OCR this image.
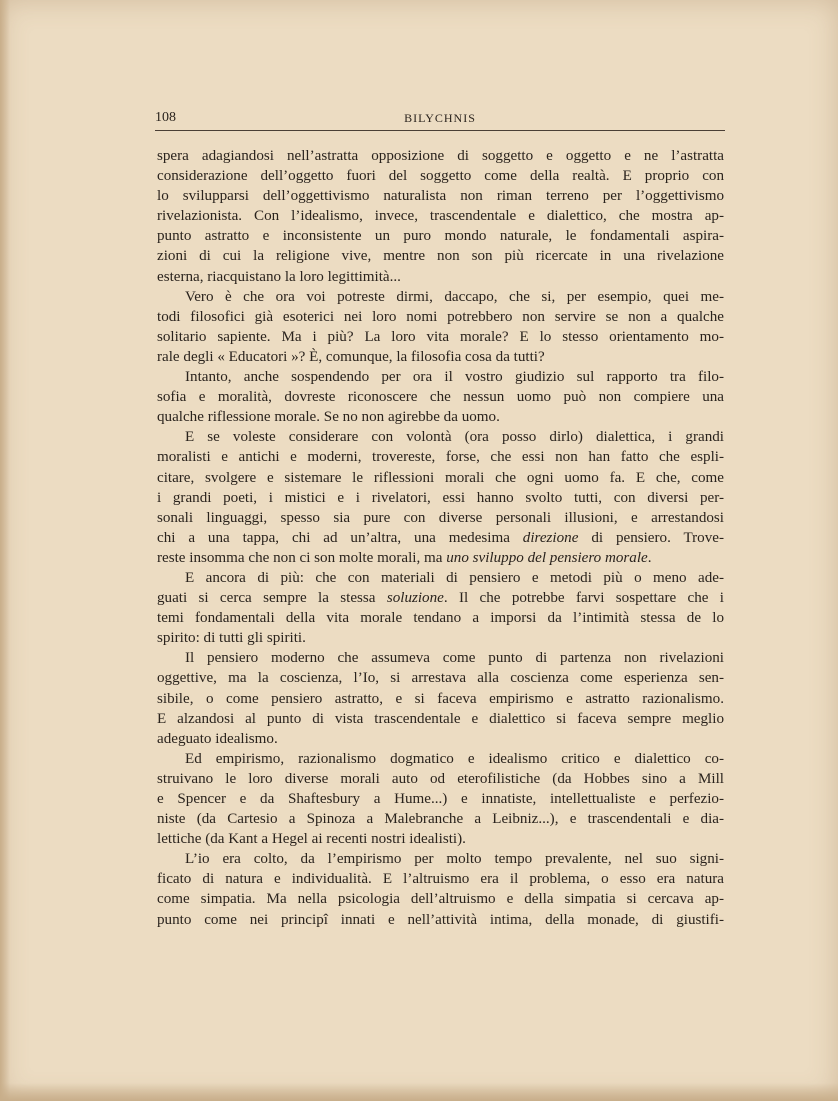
108	BILYCHNIS
spera adagiandosi nell’astratta opposizione di soggetto e oggetto e ne l’astratta
considerazione dell’oggetto fuori del soggetto come della realtà. E proprio con
lo svilupparsi dell’oggettivismo naturalista non riman terreno per l’oggettivismo
rivelazionista. Con l’idealismo, invece, trascendentale e dialettico, che mostra ap-
punto astratto e inconsistente un puro mondo naturale, le fondamentali aspira-
zioni di cui la religione vive, mentre non son più ricercate in una rivelazione
esterna, riacquistano la loro legittimità...
Vero è che ora voi potreste dirmi, daccapo, che si, per esempio, quei me-
todi filosofici già esoterici nei loro nomi potrebbero non servire se non a qualche
solitario sapiente. Ma i più? La loro vita morale? E lo stesso orientamento mo-
rale degli « Educatori »? È, comunque, la filosofia cosa da tutti?
Intanto, anche sospendendo per ora il vostro giudizio sul rapporto tra filo-
sofia e moralità, dovreste riconoscere che nessun uomo può non compiere una
qualche riflessione morale. Se no non agirebbe da uomo.
E se voleste considerare con volontà (ora posso dirlo) dialettica, i grandi
moralisti e antichi e moderni, trovereste, forse, che essi non han fatto che espli-
citare, svolgere e sistemare le riflessioni morali che ogni uomo fa. E che, come
i grandi poeti, i mistici e i rivelatori, essi hanno svolto tutti, con diversi per-
sonali linguaggi, spesso sia pure con diverse personali illusioni, e arrestandosi
chi a una tappa, chi ad un’altra, una medesima direzione di pensiero. Trove-
reste insomma che non ci son molte morali, ma uno sviluppo del pensiero morale.
E ancora di più: che con materiali di pensiero e metodi più o meno ade-
guati si cerca sempre la stessa soluzione. Il che potrebbe farvi sospettare che i
temi fondamentali della vita morale tendano a imporsi da l’intimità stessa de lo
spirito: di tutti gli spiriti.
Il pensiero moderno che assumeva come punto di partenza non rivelazioni
oggettive, ma la coscienza, l’Io, si arrestava alla coscienza come esperienza sen-
sibile, o come pensiero astratto, e si faceva empirismo e astratto razionalismo.
E alzandosi al punto di vista trascendentale e dialettico si faceva sempre meglio
adeguato idealismo.
Ed empirismo, razionalismo dogmatico e idealismo critico e dialettico co-
struivano le loro diverse morali auto od eterofilistiche (da Hobbes sino a Mill
e Spencer e da Shaftesbury a Hume...) e innatiste, intellettualiste e perfezio-
niste (da Cartesio a Spinoza a Malebranche a Leibniz...), e trascendentali e dia-
lettiche (da Kant a Hegel ai recenti nostri idealisti).
L’io era colto, da l’empirismo per molto tempo prevalente, nel suo signi-
ficato di natura e individualità. E l’altruismo era il problema, o esso era natura
come simpatia. Ma nella psicologia dell’altruismo e della simpatia si cercava ap-
punto come nei principî innati e nell’attività intima, della monade, di giustifi-
